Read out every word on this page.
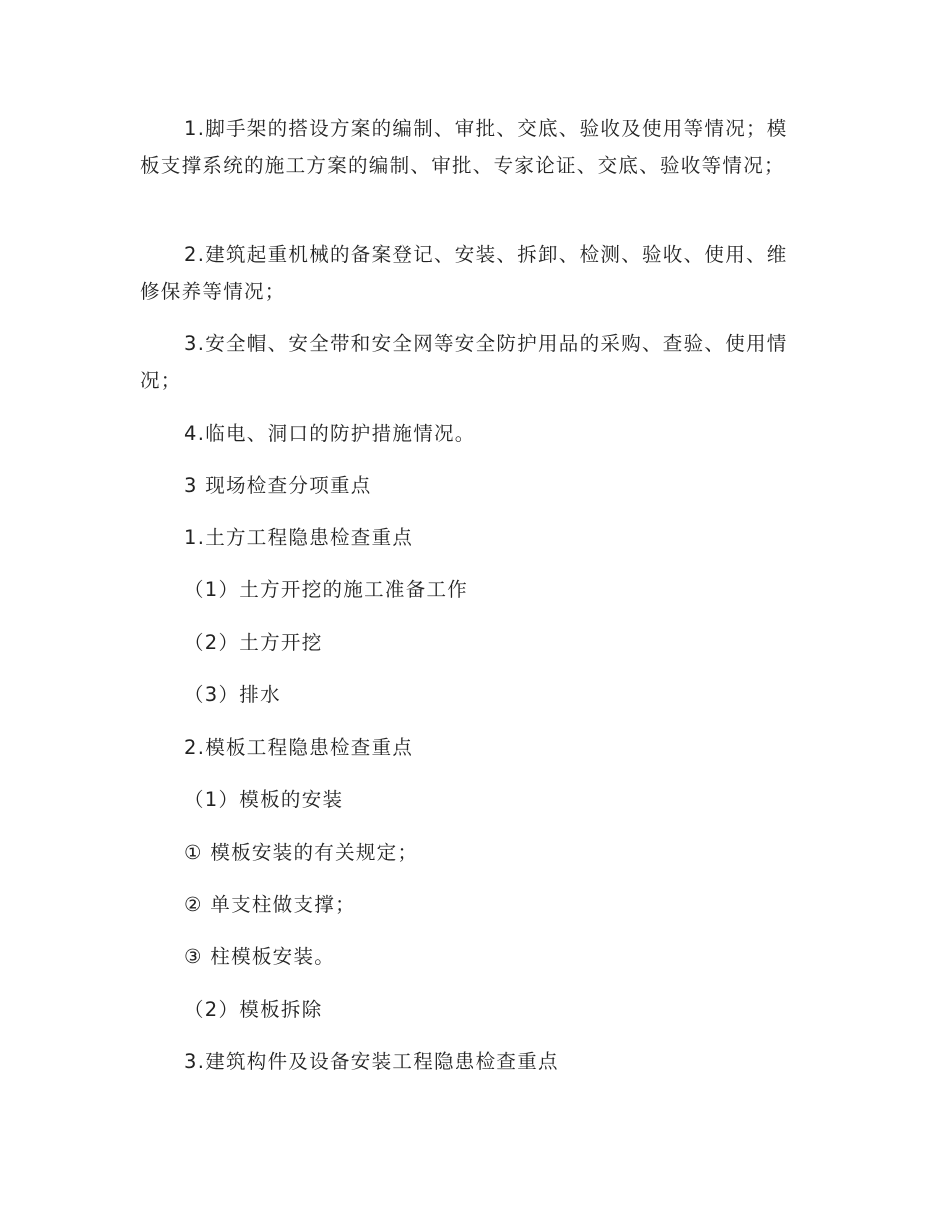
1.脚手架的搭设方案的编制、审批、交底、验收及使用等情况；模板支撑系统的施工方案的编制、审批、专家论证、交底、验收等情况；

2.建筑起重机械的备案登记、安装、拆卸、检测、验收、使用、维修保养等情况；

3.安全帽、安全带和安全网等安全防护用品的采购、查验、使用情况；

4.临电、洞口的防护措施情况。
3 现场检查分项重点
1.土方工程隐患检查重点
（1）土方开挖的施工准备工作
（2）土方开挖
（3）排水
2.模板工程隐患检查重点
（1）模板的安装
① 模板安装的有关规定；
② 单支柱做支撑；
③ 柱模板安装。
（2）模板拆除
3.建筑构件及设备安装工程隐患检查重点
